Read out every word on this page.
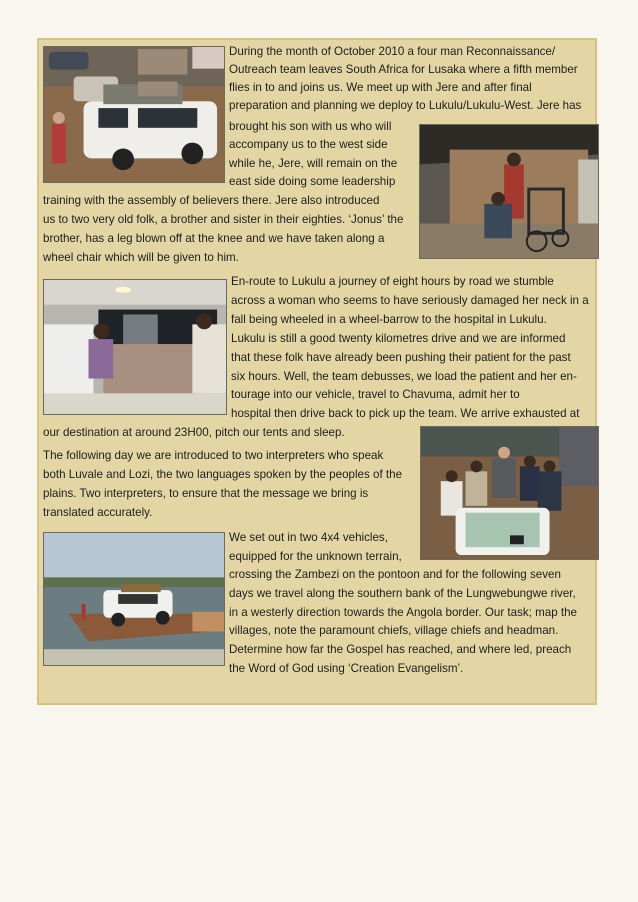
During the month of October 2010 a four man Reconnaissance/
Outreach team leaves South Africa for Lusaka where a fifth member
flies in to and joins us. We meet up with Jere and after final
preparation and planning we deploy to Lukulu/Lukulu-West. Jere has
brought his son with us who will
accompany us to the west side
while he, Jere, will remain on the
east side doing some leadership
training with the assembly of believers there. Jere also introduced
us to two very old folk, a brother and sister in their eighties. ‘Jonus’ the
brother, has a leg blown off at the knee and we have taken along a
wheel chair which will be given to him.
En-route to Lukulu a journey of eight hours by road we stumble
across a woman who seems to have seriously damaged her neck in a
fall being wheeled in a wheel-barrow to the hospital in Lukulu.
Lukulu is still a good twenty kilometres drive and we are informed
that these folk have already been pushing their patient for the past
six hours. Well, the team debusses, we load the patient and her en-
tourage into our vehicle, travel to Chavuma, admit her to
hospital then drive back to pick up the team. We arrive exhausted at
our destination at around 23H00, pitch our tents and sleep.
The following day we are introduced to two interpreters who speak
both Luvale and Lozi, the two languages spoken by the peoples of the
plains. Two interpreters, to ensure that the message we bring is
translated accurately.
We set out in two 4x4 vehicles,
equipped for the unknown terrain,
crossing the Zambezi on the pontoon and for the following seven
days we travel along the southern bank of the Lungwebungwe river,
in a westerly direction towards the Angola border. Our task; map the
villages, note the paramount chiefs, village chiefs and headman.
Determine how far the Gospel has reached, and where led, preach
the Word of God using ‘Creation Evangelism’.
